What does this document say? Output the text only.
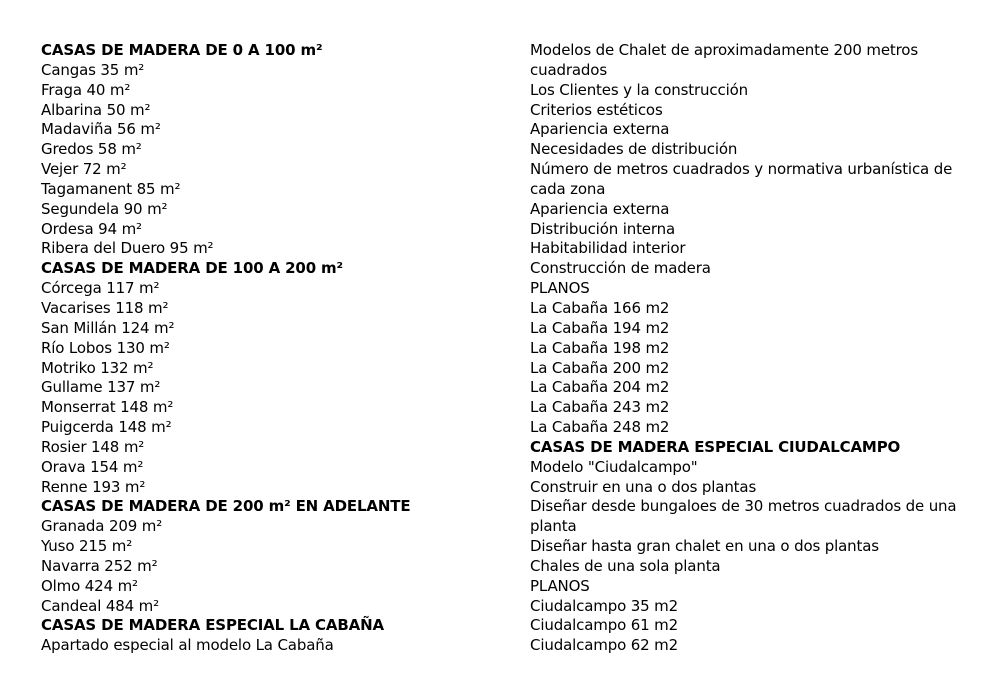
CASAS DE MADERA DE 0 A 100 m²
Cangas 35 m²
Fraga 40 m²
Albarina 50 m²
Madaviña 56 m²
Gredos 58 m²
Vejer 72 m²
Tagamanent 85 m²
Segundela 90 m²
Ordesa 94 m²
Ribera del Duero 95 m²
CASAS DE MADERA DE 100 A 200 m²
Córcega 117 m²
Vacarises 118 m²
San Millán 124 m²
Río Lobos 130 m²
Motriko 132 m²
Gullame 137 m²
Monserrat 148 m²
Puigcerda 148 m²
Rosier 148 m²
Orava 154 m²
Renne 193 m²
CASAS DE MADERA DE 200 m² EN ADELANTE
Granada 209 m²
Yuso 215 m²
Navarra 252 m²
Olmo 424 m²
Candeal 484 m²
CASAS DE MADERA ESPECIAL LA CABAÑA
Apartado especial al modelo La Cabaña
Modelos de Chalet de aproximadamente 200 metros cuadrados
Los Clientes y la construcción
Criterios estéticos
Apariencia externa
Necesidades de distribución
Número de metros cuadrados y normativa urbanística de cada zona
Apariencia externa
Distribución interna
Habitabilidad interior
Construcción de madera
PLANOS
La Cabaña 166 m2
La Cabaña 194 m2
La Cabaña 198 m2
La Cabaña 200 m2
La Cabaña 204 m2
La Cabaña 243 m2
La Cabaña 248 m2
CASAS DE MADERA ESPECIAL CIUDALCAMPO
Modelo "Ciudalcampo"
Construir en una o dos plantas
Diseñar desde bungaloes de 30 metros cuadrados de una planta
Diseñar hasta gran chalet en una o dos plantas
Chales de una sola planta
PLANOS
Ciudalcampo 35 m2
Ciudalcampo 61 m2
Ciudalcampo 62 m2
